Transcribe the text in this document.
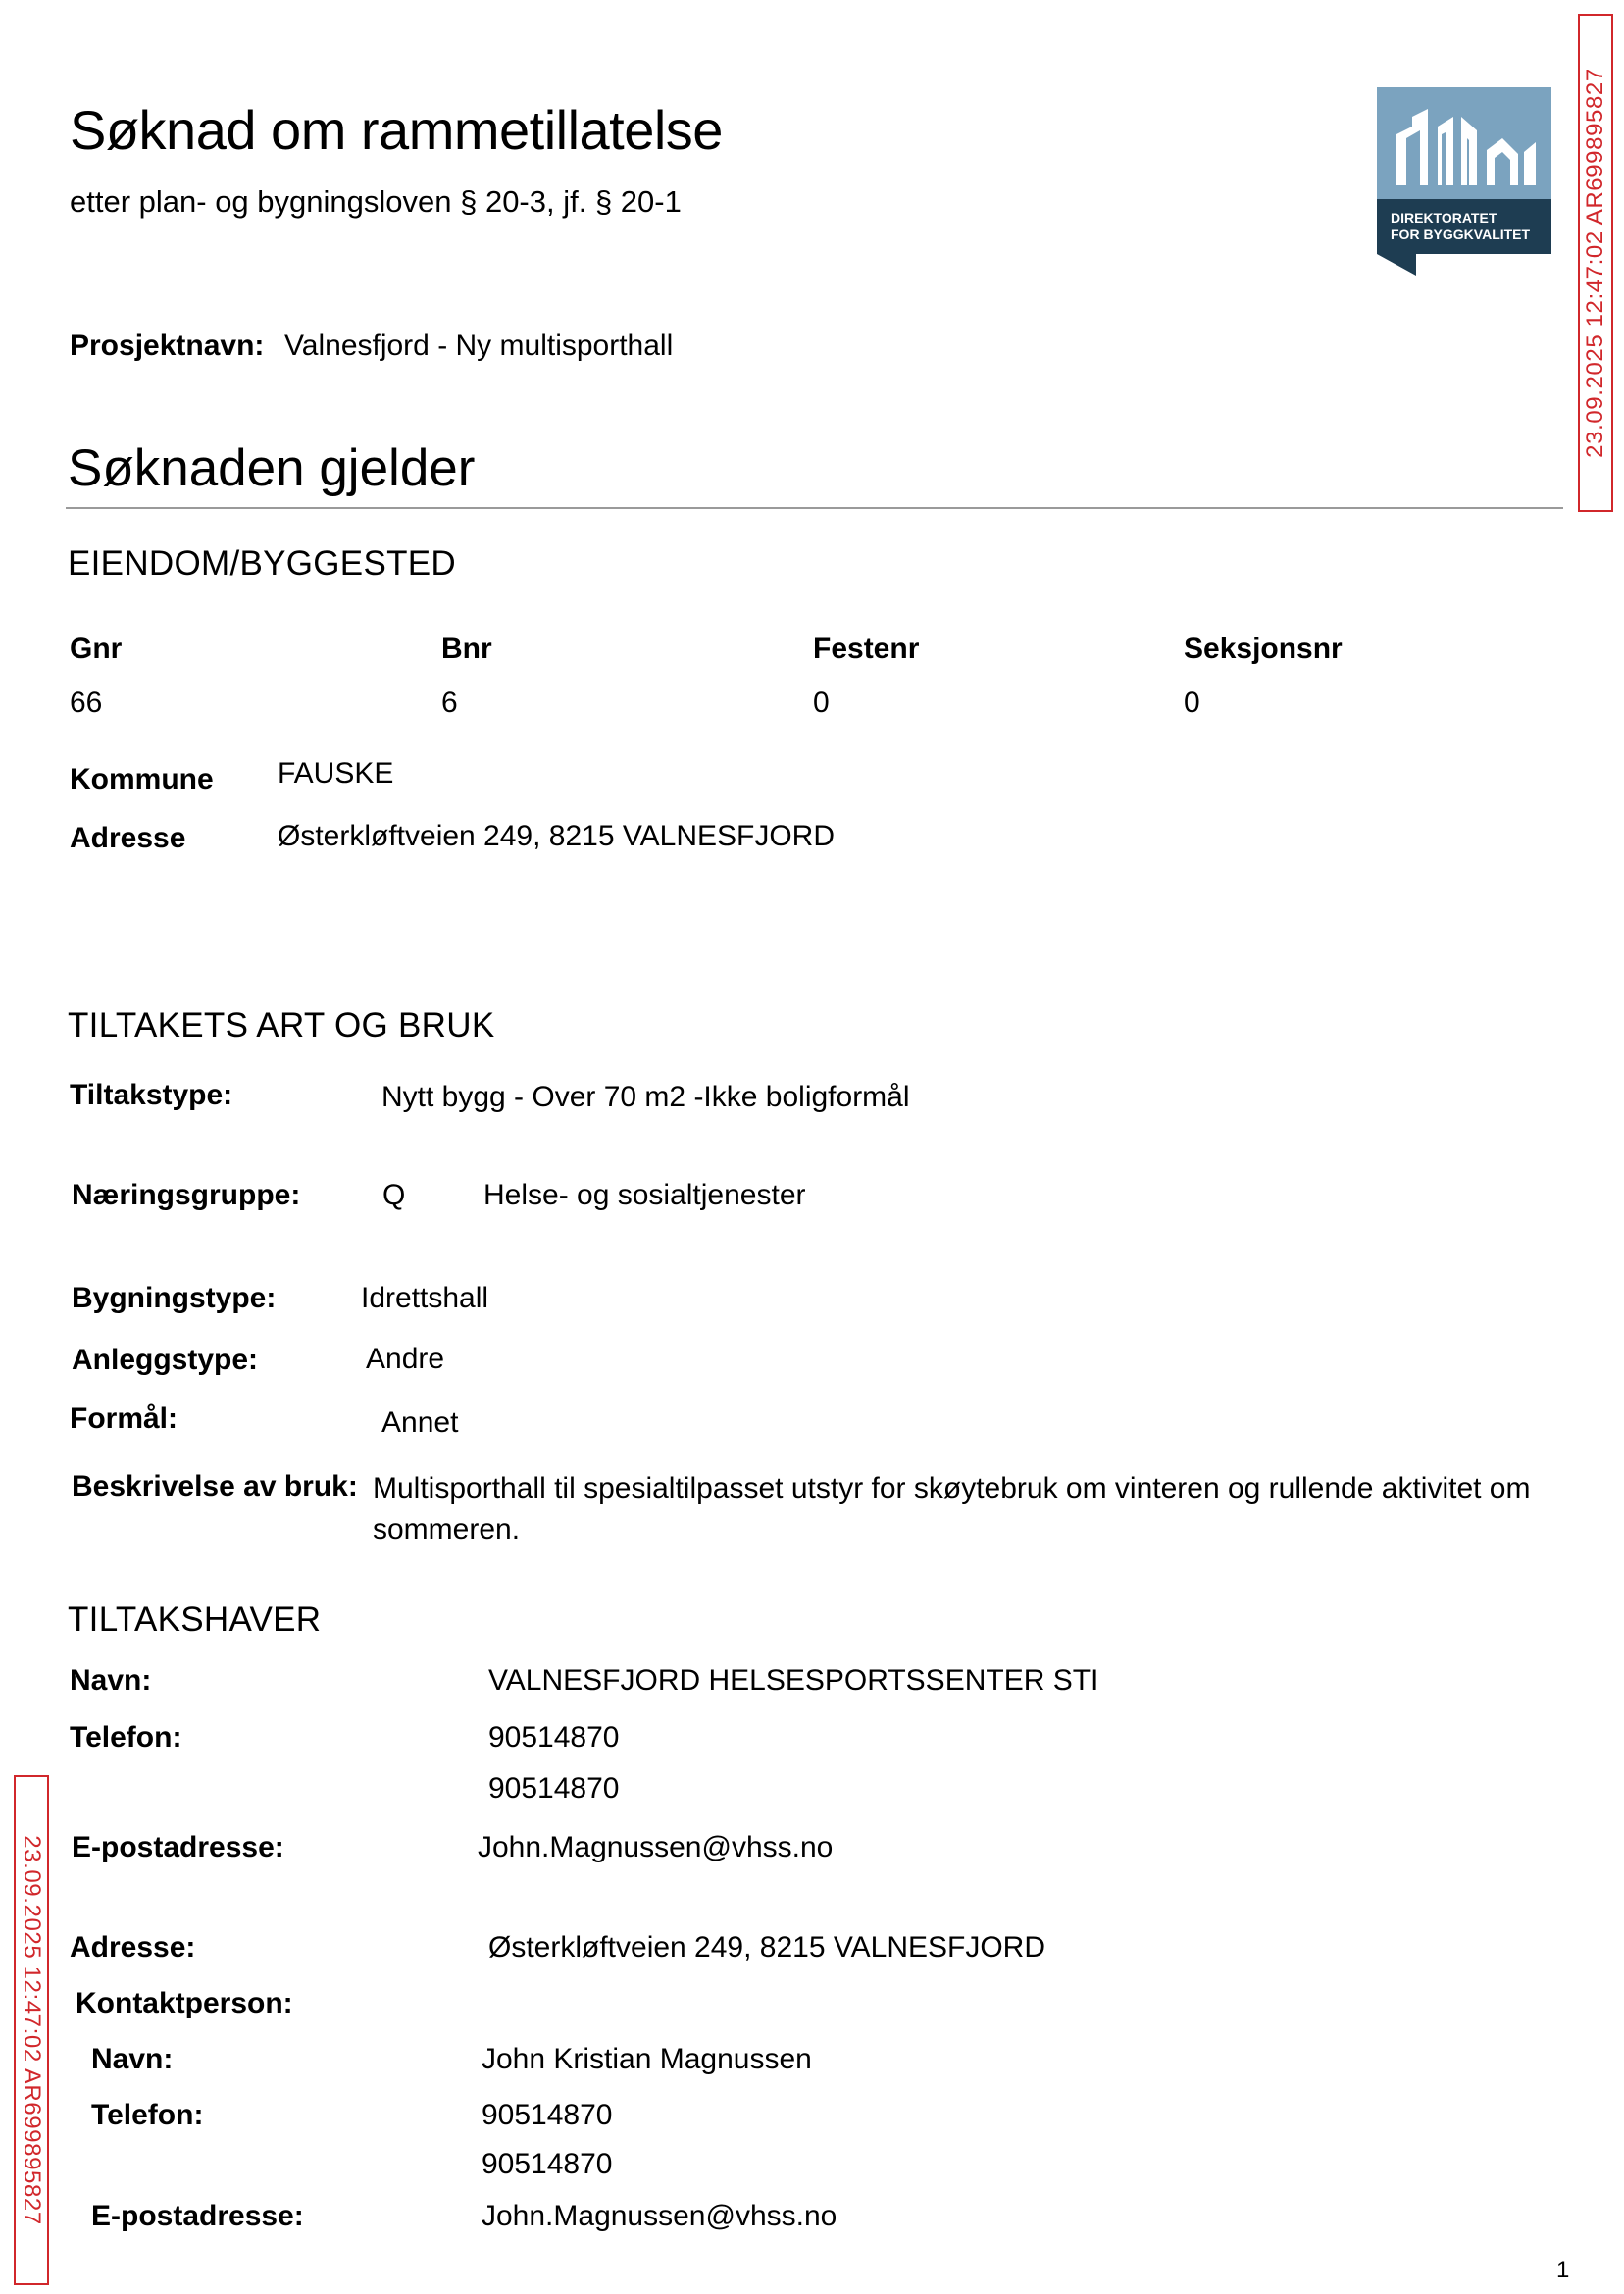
Søknad om rammetillatelse
etter plan- og bygningsloven § 20-3, jf. § 20-1	DIREKTORATET
FOR BYGGKVALITET 23.09.2025 12:47:02 AR699895827
23.09.2025 12:47:02 AR699895827
Prosjektnavn: Valnesfjord - Ny multisporthall
Søknaden gjelder
EIENDOM/BYGGESTED
Gnr	Bnr	Festenr	Seksjonsnr
66	6	0	0
Kommune FAUSKE
Adresse	Østerkløftveien 249, 8215 VALNESFJORD
TILTAKETS ART OG BRUK
Tiltakstype:	Nytt bygg - Over 70 m2 -Ikke boligformål
Næringsgruppe:	Q	Helse- og sosialtjenester
Bygningstype:	Idrettshall
Anleggstype:	Andre
Formål:	Annet
Beskrivelse av bruk: Multisporthall til spesialtilpasset utstyr for skøytebruk om vinteren og rullende aktivitet om sommeren.
TILTAKSHAVER
Navn:	VALNESFJORD HELSESPORTSSENTER STI
Telefon:	90514870
90514870
E-postadresse:	John.Magnussen@vhss.no
Adresse:	Østerkløftveien 249, 8215 VALNESFJORD
Kontaktperson:
Navn:	John Kristian Magnussen
Telefon:	90514870
90514870
E-postadresse:	John.Magnussen@vhss.no
1
